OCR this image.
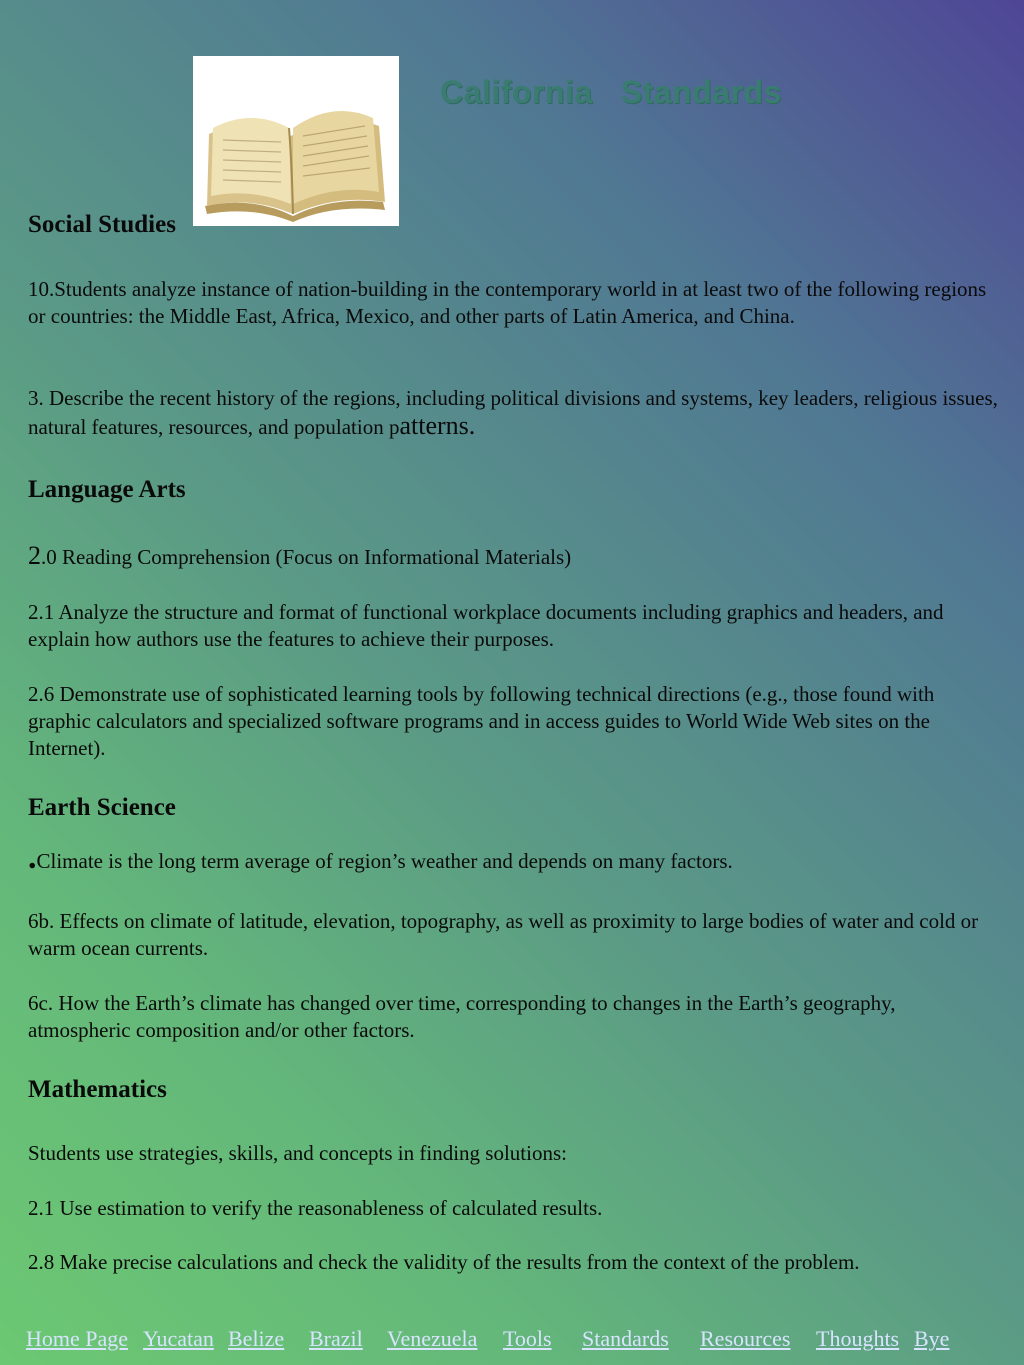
California   Standards
Social Studies

10.Students analyze instance of nation-building in the contemporary world in at least two of the following regions or countries: the Middle East, Africa, Mexico, and other parts of Latin America, and China.

3. Describe the recent history of the regions, including political divisions and systems, key leaders, religious issues, natural features, resources, and population patterns.

Language Arts

2.0 Reading Comprehension (Focus on Informational Materials)

2.1 Analyze the structure and format of functional workplace documents including graphics and headers, and explain how authors use the features to achieve their purposes.

2.6 Demonstrate use of sophisticated learning tools by following technical directions (e.g., those found with graphic calculators and specialized software programs and in access guides to World Wide Web sites on the Internet).

Earth Science

.Climate is the long term average of region’s weather and depends on many factors.

6b. Effects on climate of latitude, elevation, topography, as well as proximity to large bodies of water and cold or warm ocean currents.

6c. How the Earth’s climate has changed over time, corresponding to changes in the Earth’s geography, atmospheric composition and/or other factors.

Mathematics

Students use strategies, skills, and concepts in finding solutions:

2.1 Use estimation to verify the reasonableness of calculated results.

2.8 Make precise calculations and check the validity of the results from the context of the problem.

Home Page Yucatan Belize Brazil Venezuela Tools Standards Resources Thoughts Bye
